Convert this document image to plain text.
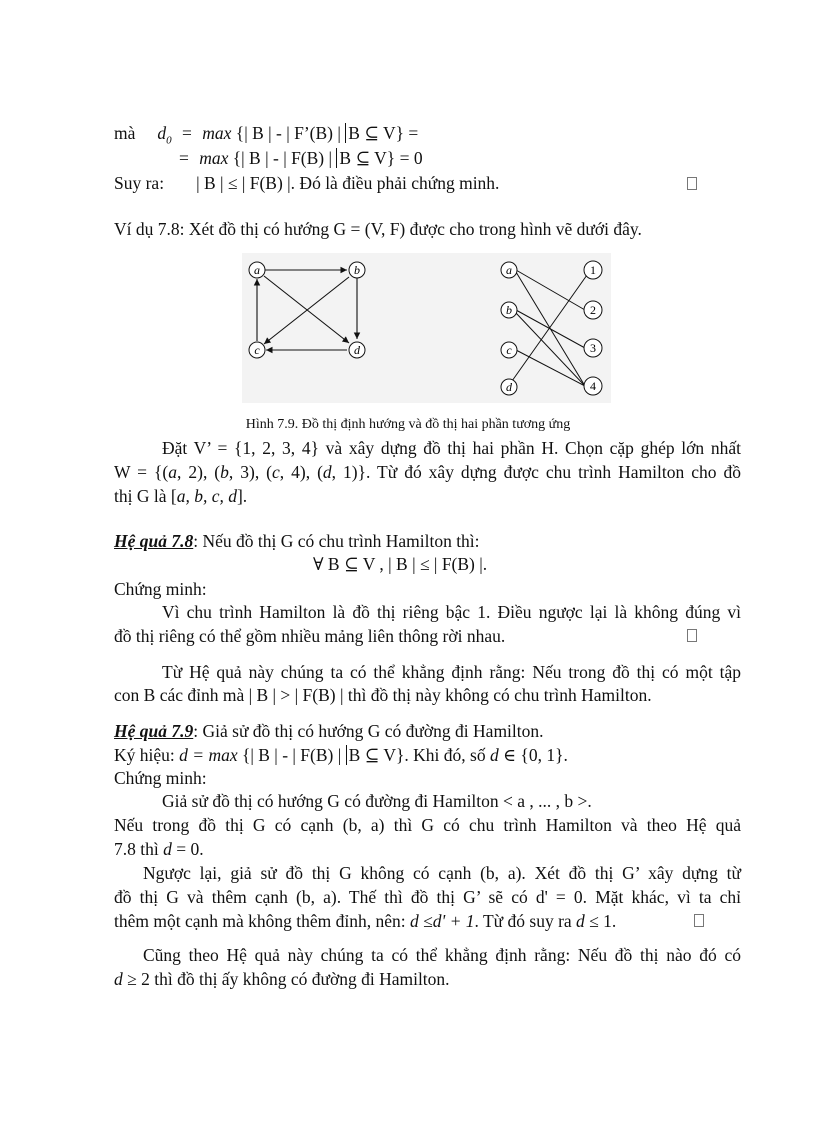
mà $d_0 = \max$ {| B | - | F’(B) | B ⊆ V} =
= max {| B | - | F(B) | B ⊆ V} = 0
Suy ra: | B | ≤ | F(B) |. Đó là điều phải chứng minh.
Ví dụ 7.8: Xét đồ thị có hướng G = (V, F) được cho trong hình vẽ dưới đây.
a	b
c	d
a
b
c
d
1
2
3
4
Hình 7.9. Đồ thị định hướng và đồ thị hai phần tương ứng
Đặt V’ = {1, 2, 3, 4} và xây dựng đồ thị hai phần H. Chọn cặp ghép lớn nhất
W = {(a, 2), (b, 3), (c, 4), (d, 1)}. Từ đó xây dựng được chu trình Hamilton cho đồ
thị G là [a, b, c, d].
Hệ quả 7.8: Nếu đồ thị G có chu trình Hamilton thì:
∀ B ⊆ V , | B | ≤ | F(B) |.
Chứng minh:
Vì chu trình Hamilton là đồ thị riêng bậc 1. Điều ngược lại là không đúng vì
đồ thị riêng có thể gồm nhiều mảng liên thông rời nhau.
Từ Hệ quả này chúng ta có thể khẳng định rằng: Nếu trong đồ thị có một tập
con B các đỉnh mà | B | > | F(B) | thì đồ thị này không có chu trình Hamilton.
Hệ quả 7.9: Giả sử đồ thị có hướng G có đường đi Hamilton.
Ký hiệu: d = max {| B | - | F(B) | B ⊆ V}. Khi đó, số d ∈ {0, 1}.
Chứng minh:
Giả sử đồ thị có hướng G có đường đi Hamilton < a , ... , b >.
Nếu trong đồ thị G có cạnh (b, a) thì G có chu trình Hamilton và theo Hệ quả
7.8 thì d = 0.
Ngược lại, giả sử đồ thị G không có cạnh (b, a). Xét đồ thị G’ xây dựng từ
đồ thị G và thêm cạnh (b, a). Thế thì đồ thị G’ sẽ có d' = 0. Mặt khác, vì ta chỉ
thêm một cạnh mà không thêm đỉnh, nên: d ≤d' + 1. Từ đó suy ra d ≤ 1.
Cũng theo Hệ quả này chúng ta có thể khẳng định rằng: Nếu đồ thị nào đó có
d ≥ 2 thì đồ thị ấy không có đường đi Hamilton.
